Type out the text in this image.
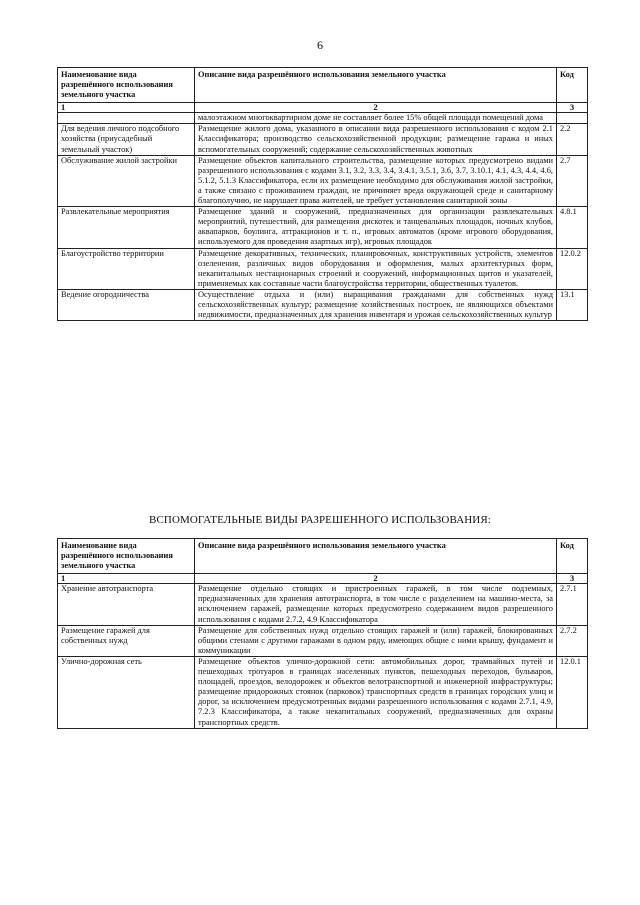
6
Наименование вида разрешённого использования земельного участка	Описание вида разрешённого использования земельного участка	Код
1	2	3
	малоэтажном многоквартирном доме не составляет более 15% общей площади помещений дома	
Для ведения личного подсобного хозяйства (приусадебный земельный участок)	Размещение жилого дома, указанного в описании вида разрешенного использования с кодом 2.1 Классификатора; производство сельскохозяйственной продукции; размещение гаража и иных вспомогательных сооружений; содержание сельскохозяйственных животных	2.2
Обслуживание жилой застройки	Размещение объектов капитального строительства, размещение которых предусмотрено видами разрешенного использования с кодами 3.1, 3.2, 3.3, 3.4, 3.4.1, 3.5.1, 3.6, 3.7, 3.10.1, 4.1, 4.3, 4.4, 4.6, 5.1.2, 5.1.3 Классификатора, если их размещение необходимо для обслуживания жилой застройки, а также связано с проживанием граждан, не причиняет вреда окружающей среде и санитарному благополучию, не нарушает права жителей, не требует установления санитарной зоны	2.7
Развлекательные мероприятия	Размещение зданий и сооружений, предназначенных для организации развлекательных мероприятий, путешествий, для размещения дискотек и танцевальных площадок, ночных клубов, аквапарков, боулинга, аттракционов и т. п., игровых автоматов (кроме игрового оборудования, используемого для проведения азартных игр), игровых площадок	4.8.1
Благоустройство территории	Размещение декоративных, технических, планировочных, конструктивных устройств, элементов озеленения, различных видов оборудования и оформления, малых архитектурных форм, некапитальных нестационарных строений и сооружений, информационных щитов и указателей, применяемых как составные части благоустройства территории, общественных туалетов.	12.0.2
Ведение огородничества	Осуществление отдыха и (или) выращивания гражданами для собственных нужд сельскохозяйственных культур; размещение хозяйственных построек, не являющихся объектами недвижимости, предназначенных для хранения инвентаря и урожая сельскохозяйственных культур	13.1
ВСПОМОГАТЕЛЬНЫЕ ВИДЫ РАЗРЕШЕННОГО ИСПОЛЬЗОВАНИЯ:
Наименование вида разрешённого использования земельного участка	Описание вида разрешённого использования земельного участка	Код
1	2	3
Хранение автотранспорта	Размещение отдельно стоящих и пристроенных гаражей, в том числе подземных, предназначенных для хранения автотранспорта, в том числе с разделением на машино-места, за исключением гаражей, размещение которых предусмотрено содержанием видов разрешенного использования с кодами 2.7.2, 4.9 Классификатора	2.7.1
Размещение гаражей для собственных нужд	Размещение для собственных нужд отдельно стоящих гаражей и (или) гаражей, блокированных общими стенами с другими гаражами в одном ряду, имеющих общие с ними крышу, фундамент и коммуникации	2.7.2
Улично-дорожная сеть	Размещение объектов улично-дорожной сети: автомобильных дорог, трамвайных путей и пешеходных тротуаров в границах населенных пунктов, пешеходных переходов, бульваров, площадей, проездов, велодорожек и объектов велотранспортной и инженерной инфраструктуры; размещение придорожных стоянок (парковок) транспортных средств в границах городских улиц и дорог, за исключением предусмотренных видами разрешенного использования с кодами 2.7.1, 4.9, 7.2.3 Классификатора, а также некапитальных сооружений, предназначенных для охраны транспортных средств.	12.0.1
